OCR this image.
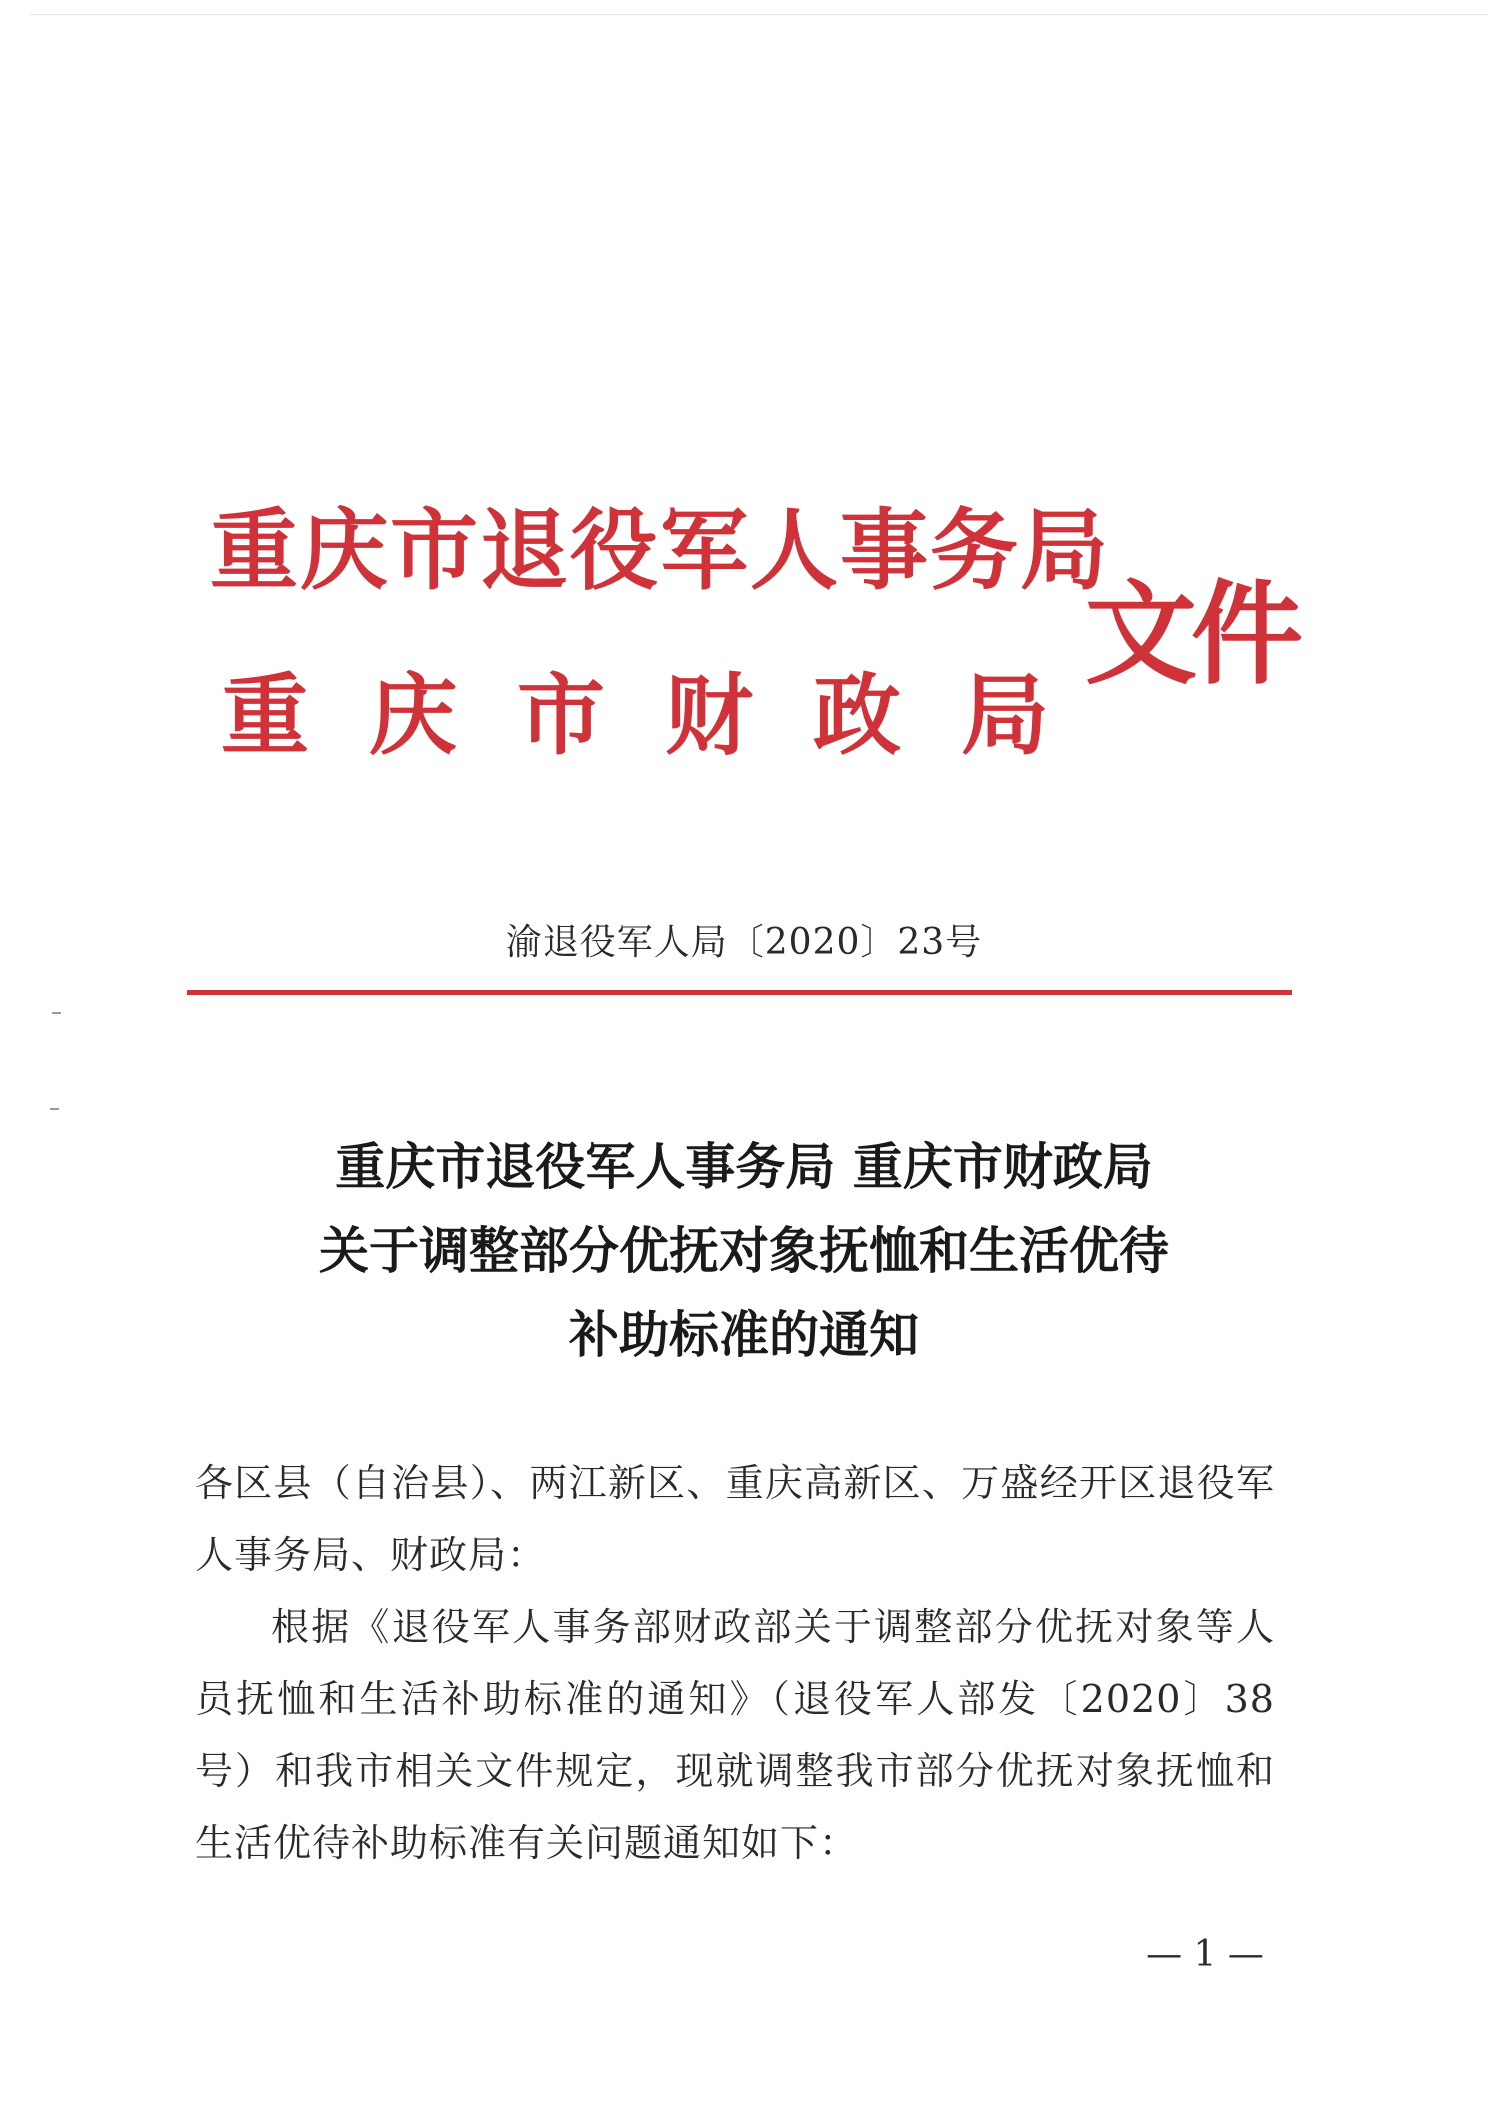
重庆市退役军人事务局
重 庆 市 财 政 局
文件
渝退役军人局〔2020〕23号
重庆市退役军人事务局 重庆市财政局
关于调整部分优抚对象抚恤和生活优待
补助标准的通知

各区县（自治县）、两江新区、重庆高新区、万盛经开区退役军人事务局、财政局：

根据《退役军人事务部财政部关于调整部分优抚对象等人员抚恤和生活补助标准的通知》（退役军人部发〔2020〕38号）和我市相关文件规定，现就调整我市部分优抚对象抚恤和生活优待补助标准有关问题通知如下：

— 1 —
